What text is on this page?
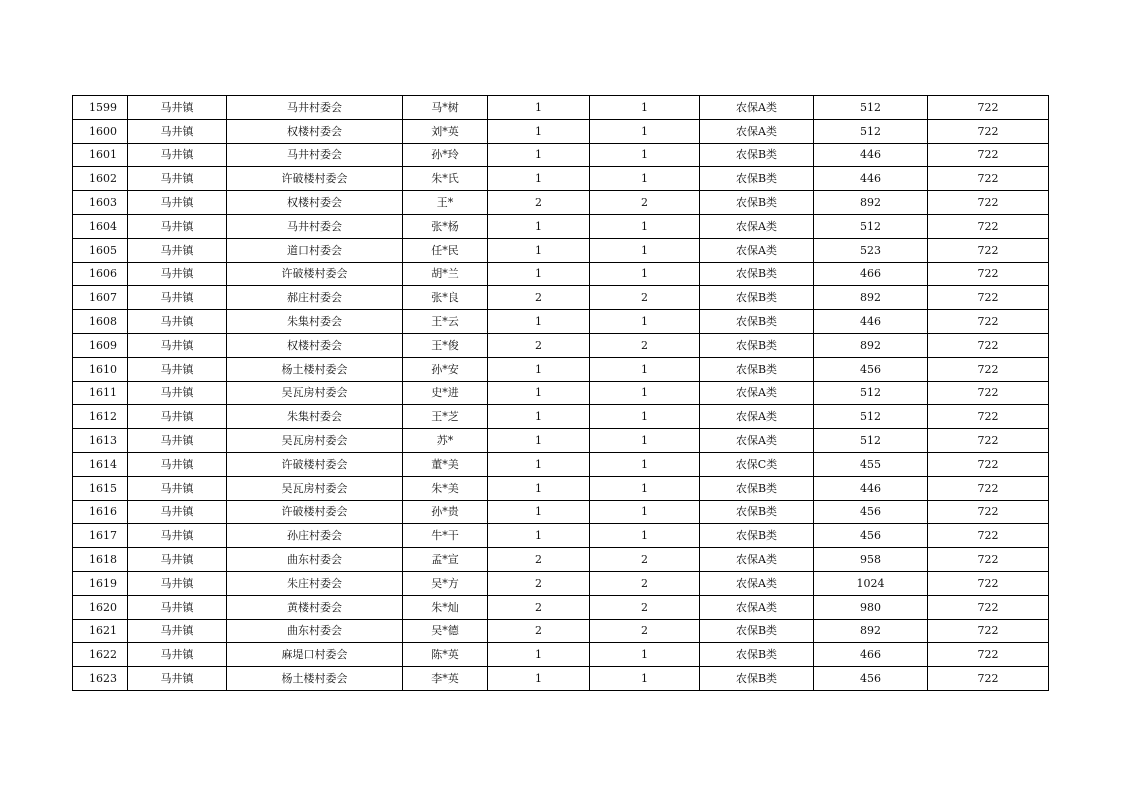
1599	马井镇	马井村委会	马*树	1	1	农保A类	512	722
1600	马井镇	权楼村委会	刘*英	1	1	农保A类	512	722
1601	马井镇	马井村委会	孙*玲	1	1	农保B类	446	722
1602	马井镇	许破楼村委会	朱*氏	1	1	农保B类	446	722
1603	马井镇	权楼村委会	王*	2	2	农保B类	892	722
1604	马井镇	马井村委会	张*杨	1	1	农保A类	512	722
1605	马井镇	道口村委会	任*民	1	1	农保A类	523	722
1606	马井镇	许破楼村委会	胡*兰	1	1	农保B类	466	722
1607	马井镇	郝庄村委会	张*良	2	2	农保B类	892	722
1608	马井镇	朱集村委会	王*云	1	1	农保B类	446	722
1609	马井镇	权楼村委会	王*俊	2	2	农保B类	892	722
1610	马井镇	杨土楼村委会	孙*安	1	1	农保B类	456	722
1611	马井镇	吴瓦房村委会	史*进	1	1	农保A类	512	722
1612	马井镇	朱集村委会	王*芝	1	1	农保A类	512	722
1613	马井镇	吴瓦房村委会	苏*	1	1	农保A类	512	722
1614	马井镇	许破楼村委会	董*美	1	1	农保C类	455	722
1615	马井镇	吴瓦房村委会	朱*美	1	1	农保B类	446	722
1616	马井镇	许破楼村委会	孙*贵	1	1	农保B类	456	722
1617	马井镇	孙庄村委会	牛*干	1	1	农保B类	456	722
1618	马井镇	曲东村委会	孟*宣	2	2	农保A类	958	722
1619	马井镇	朱庄村委会	吴*方	2	2	农保A类	1024	722
1620	马井镇	黄楼村委会	朱*灿	2	2	农保A类	980	722
1621	马井镇	曲东村委会	吴*德	2	2	农保B类	892	722
1622	马井镇	麻堤口村委会	陈*英	1	1	农保B类	466	722
1623	马井镇	杨土楼村委会	李*英	1	1	农保B类	456	722
